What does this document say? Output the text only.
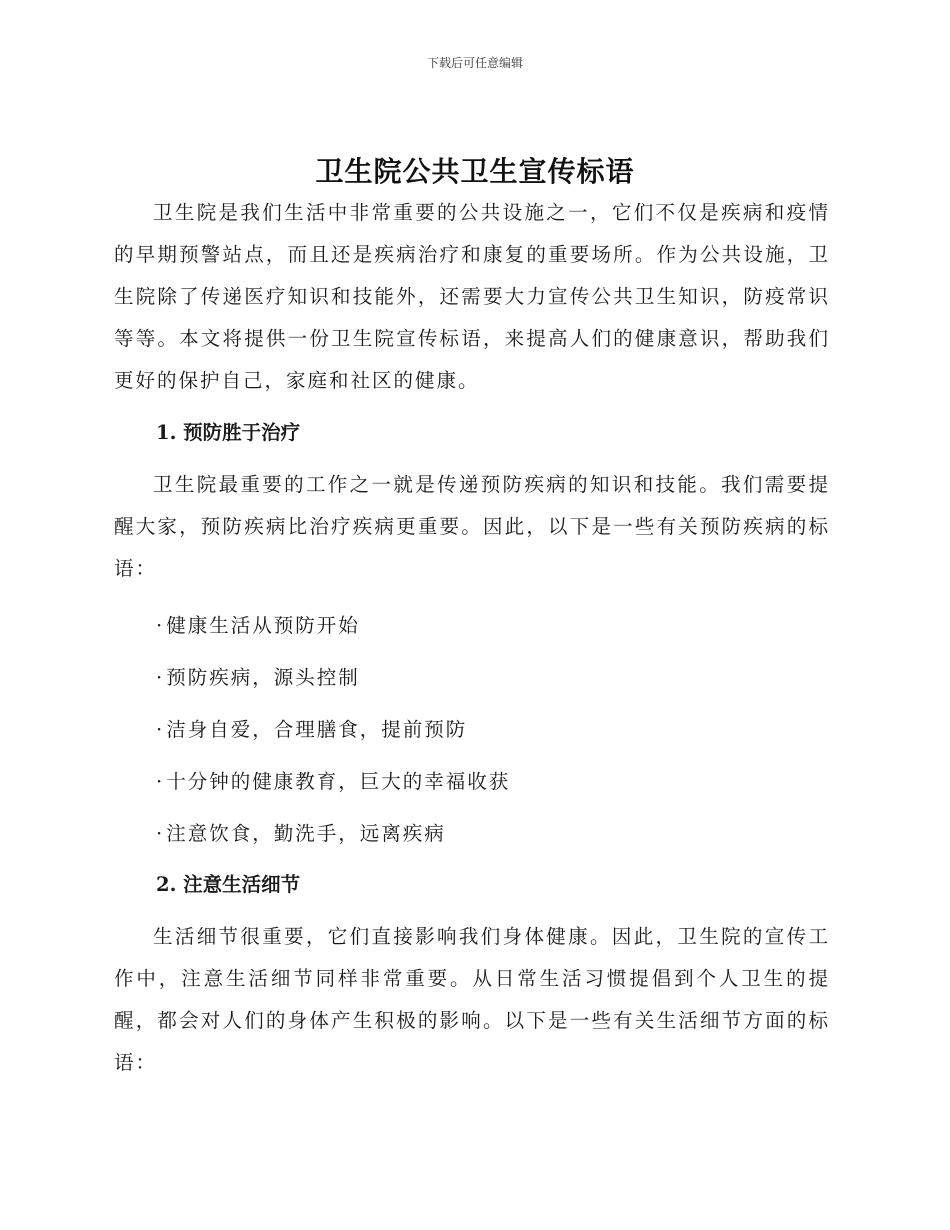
下载后可任意编辑
卫生院公共卫生宣传标语

卫生院是我们生活中非常重要的公共设施之一，它们不仅是疾病和疫情的早期预警站点，而且还是疾病治疗和康复的重要场所。作为公共设施，卫生院除了传递医疗知识和技能外，还需要大力宣传公共卫生知识，防疫常识等等。本文将提供一份卫生院宣传标语，来提高人们的健康意识，帮助我们更好的保护自己，家庭和社区的健康。

1. 预防胜于治疗

卫生院最重要的工作之一就是传递预防疾病的知识和技能。我们需要提醒大家，预防疾病比治疗疾病更重要。因此，以下是一些有关预防疾病的标语：

· 健康生活从预防开始
· 预防疾病，源头控制
· 洁身自爱，合理膳食，提前预防
· 十分钟的健康教育，巨大的幸福收获
· 注意饮食，勤洗手，远离疾病
2. 注意生活细节

生活细节很重要，它们直接影响我们身体健康。因此，卫生院的宣传工作中，注意生活细节同样非常重要。从日常生活习惯提倡到个人卫生的提醒，都会对人们的身体产生积极的影响。以下是一些有关生活细节方面的标语：
